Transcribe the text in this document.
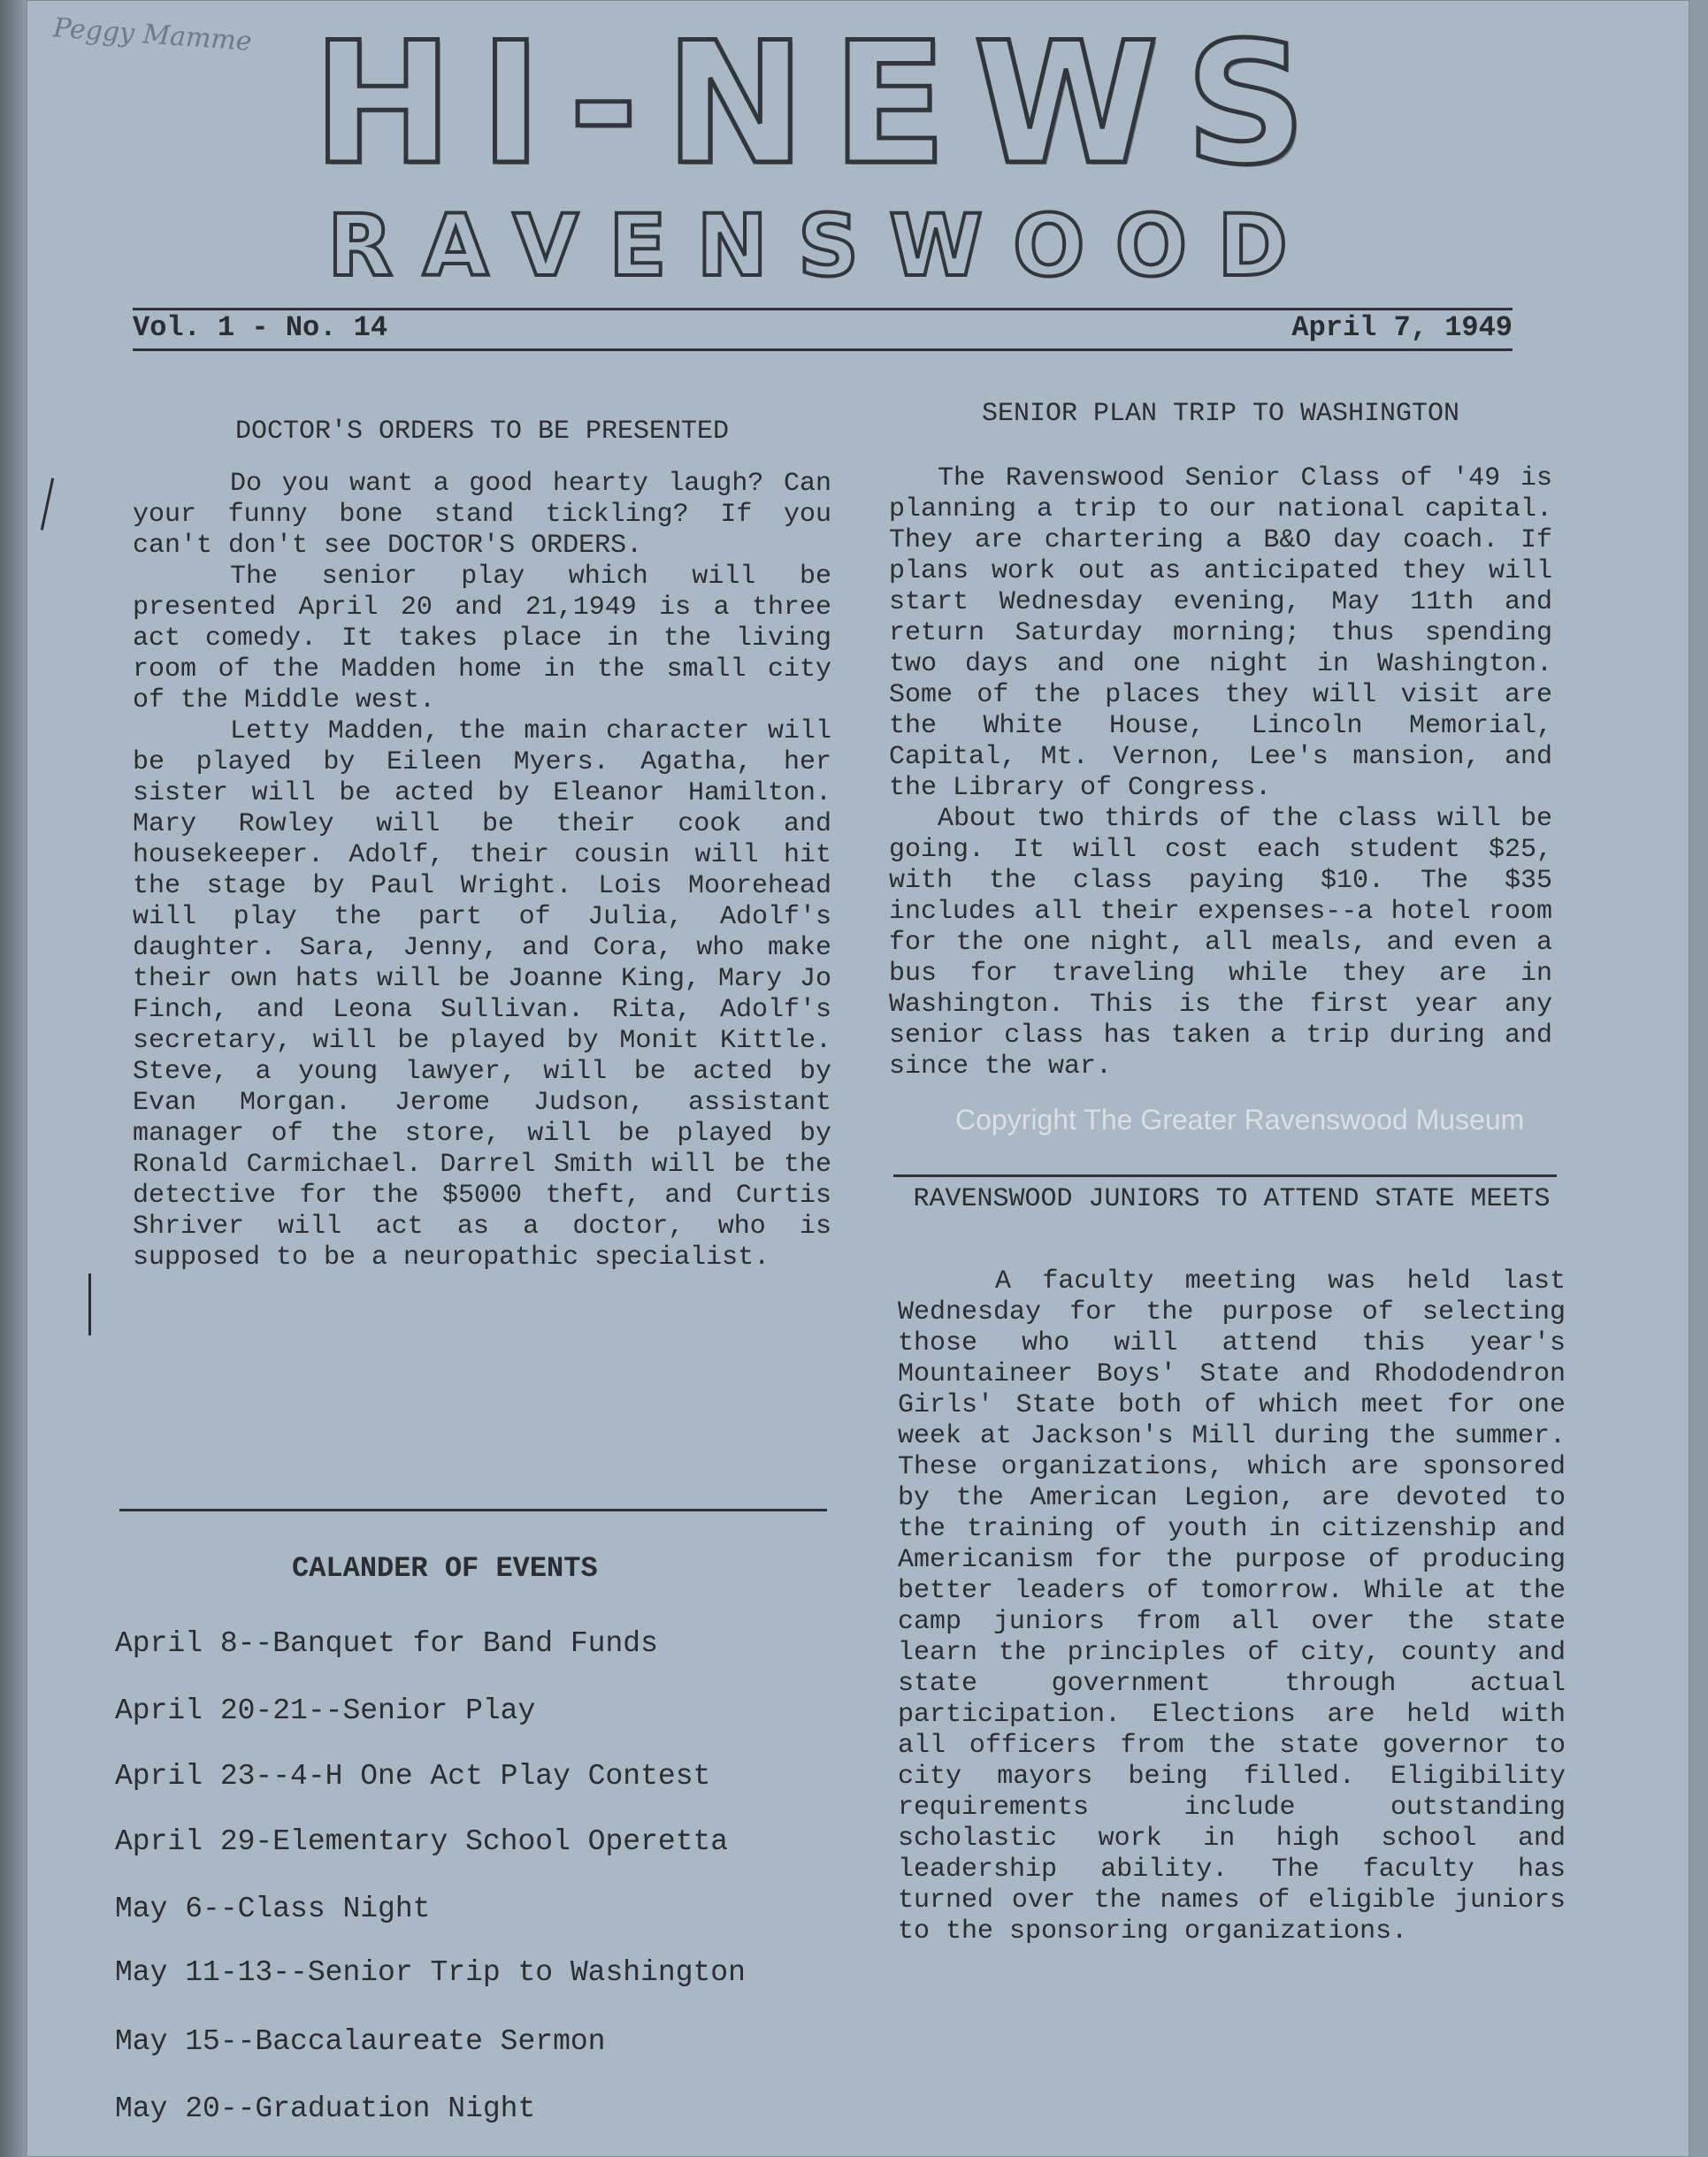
Peggy Mamme HI-NEWS
RAVENSWOOD
Vol. 1 - No. 14	April 7, 1949
DOCTOR'S ORDERS TO BE PRESENTED

Do you want a good hearty laugh? Can your funny bone stand tickling? If you can't don't see DOCTOR'S ORDERS.

The senior play which will be presented April 20 and 21,1949 is a three act comedy. It takes place in the living room of the Madden home in the small city of the Middle west.

Letty Madden, the main character will be played by Eileen Myers. Agatha, her sister will be acted by Eleanor Hamilton. Mary Rowley will be their cook and housekeeper. Adolf, their cousin will hit the stage by Paul Wright. Lois Moorehead will play the part of Julia, Adolf's daughter. Sara, Jenny, and Cora, who make their own hats will be Joanne King, Mary Jo Finch, and Leona Sullivan. Rita, Adolf's secretary, will be played by Monit Kittle. Steve, a young lawyer, will be acted by Evan Morgan. Jerome Judson, assistant manager of the store, will be played by Ronald Carmichael. Darrel Smith will be the detective for the $5000 theft, and Curtis Shriver will act as a doctor, who is supposed to be a neuropathic specialist.

CALANDER OF EVENTS
April 8--Banquet for Band Funds
April 20-21--Senior Play
April 23--4-H One Act Play Contest
April 29-Elementary School Operetta
May 6--Class Night
May 11-13--Senior Trip to Washington
May 15--Baccalaureate Sermon
May 20--Graduation Night
SENIOR PLAN TRIP TO WASHINGTON

The Ravenswood Senior Class of '49 is planning a trip to our national capital. They are chartering a B&O day coach. If plans work out as anticipated they will start Wednesday evening, May 11th and return Saturday morning; thus spending two days and one night in Washington. Some of the places they will visit are the White House, Lincoln Memorial, Capital, Mt. Vernon, Lee's mansion, and the Library of Congress.

About two thirds of the class will be going. It will cost each student $25, with the class paying $10. The $35 includes all their expenses--a hotel room for the one night, all meals, and even a bus for traveling while they are in Washington. This is the first year any senior class has taken a trip during and since the war.

RAVENSWOOD JUNIORS TO ATTEND STATE MEETS

A faculty meeting was held last Wednesday for the purpose of selecting those who will attend this year's Mountaineer Boys' State and Rhododendron Girls' State both of which meet for one week at Jackson's Mill during the summer. These organizations, which are sponsored by the American Legion, are devoted to the training of youth in citizenship and Americanism for the purpose of producing better leaders of tomorrow. While at the camp juniors from all over the state learn the principles of city, county and state government through actual participation. Elections are held with all officers from the state governor to city mayors being filled. Eligibility requirements include outstanding scholastic work in high school and leadership ability. The faculty has turned over the names of eligible juniors to the sponsoring organizations.

Copyright The Greater Ravenswood Museum
